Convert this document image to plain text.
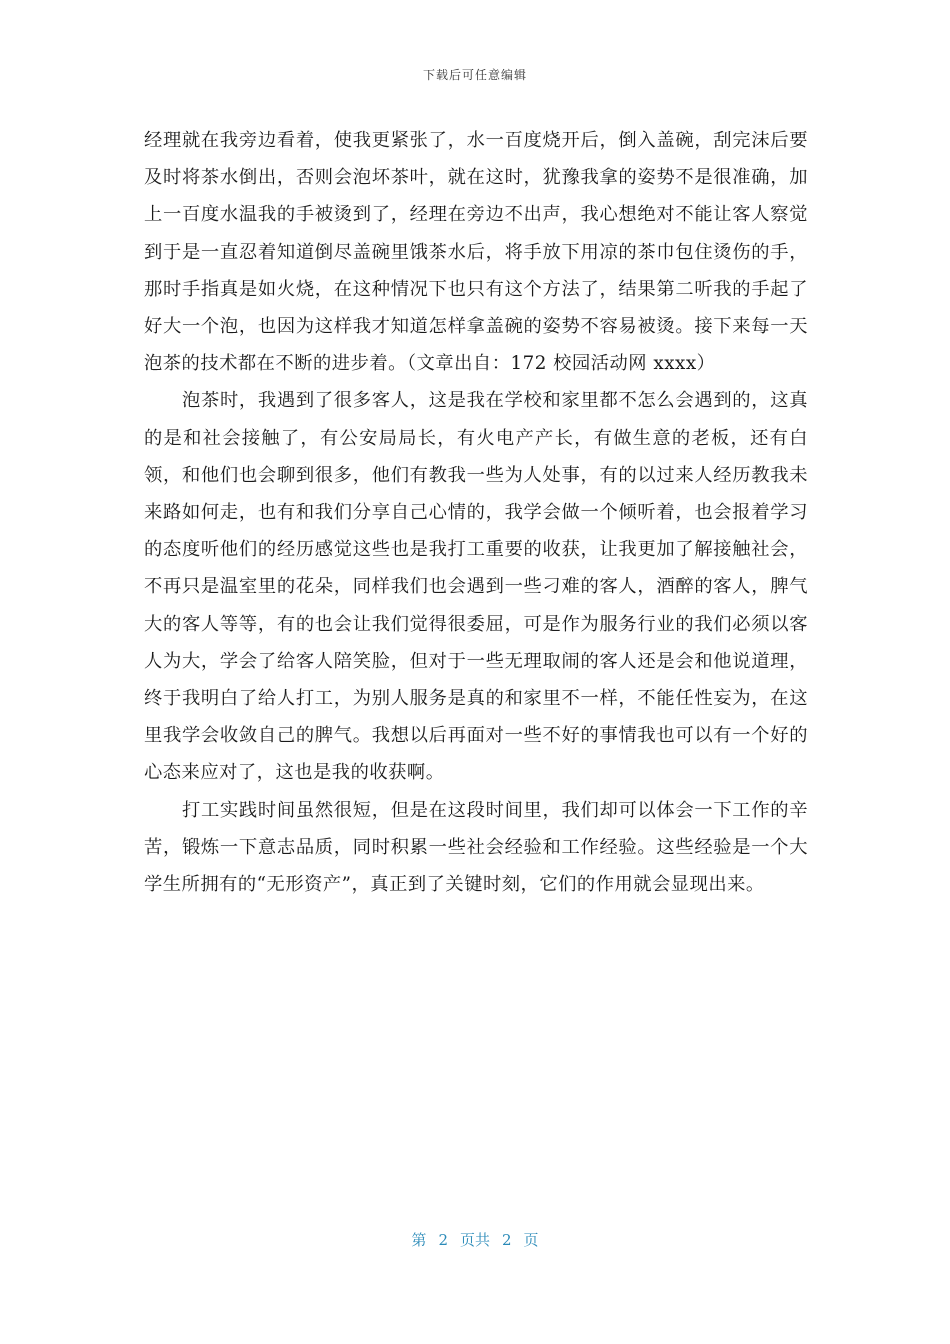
下载后可任意编辑

经理就在我旁边看着，使我更紧张了，水一百度烧开后，倒入盖碗，刮完沫后要及时将茶水倒出，否则会泡坏茶叶，就在这时，犹豫我拿的姿势不是很准确，加上一百度水温我的手被烫到了，经理在旁边不出声，我心想绝对不能让客人察觉到于是一直忍着知道倒尽盖碗里饿茶水后，将手放下用凉的茶巾包住烫伤的手，那时手指真是如火烧，在这种情况下也只有这个方法了，结果第二听我的手起了好大一个泡，也因为这样我才知道怎样拿盖碗的姿势不容易被烫。接下来每一天泡茶的技术都在不断的进步着。（文章出自：172 校园活动网 xxxx）

泡茶时，我遇到了很多客人，这是我在学校和家里都不怎么会遇到的，这真的是和社会接触了，有公安局局长，有火电产产长，有做生意的老板，还有白领，和他们也会聊到很多，他们有教我一些为人处事，有的以过来人经历教我未来路如何走，也有和我们分享自己心情的，我学会做一个倾听着，也会报着学习的态度听他们的经历感觉这些也是我打工重要的收获，让我更加了解接触社会，不再只是温室里的花朵，同样我们也会遇到一些刁难的客人，酒醉的客人，脾气大的客人等等，有的也会让我们觉得很委屈，可是作为服务行业的我们必须以客人为大，学会了给客人陪笑脸，但对于一些无理取闹的客人还是会和他说道理，终于我明白了给人打工，为别人服务是真的和家里不一样，不能任性妄为，在这里我学会收敛自己的脾气。我想以后再面对一些不好的事情我也可以有一个好的心态来应对了，这也是我的收获啊。

打工实践时间虽然很短，但是在这段时间里，我们却可以体会一下工作的辛苦，锻炼一下意志品质，同时积累一些社会经验和工作经验。这些经验是一个大学生所拥有的“无形资产”，真正到了关键时刻，它们的作用就会显现出来。

第 2 页共 2 页
